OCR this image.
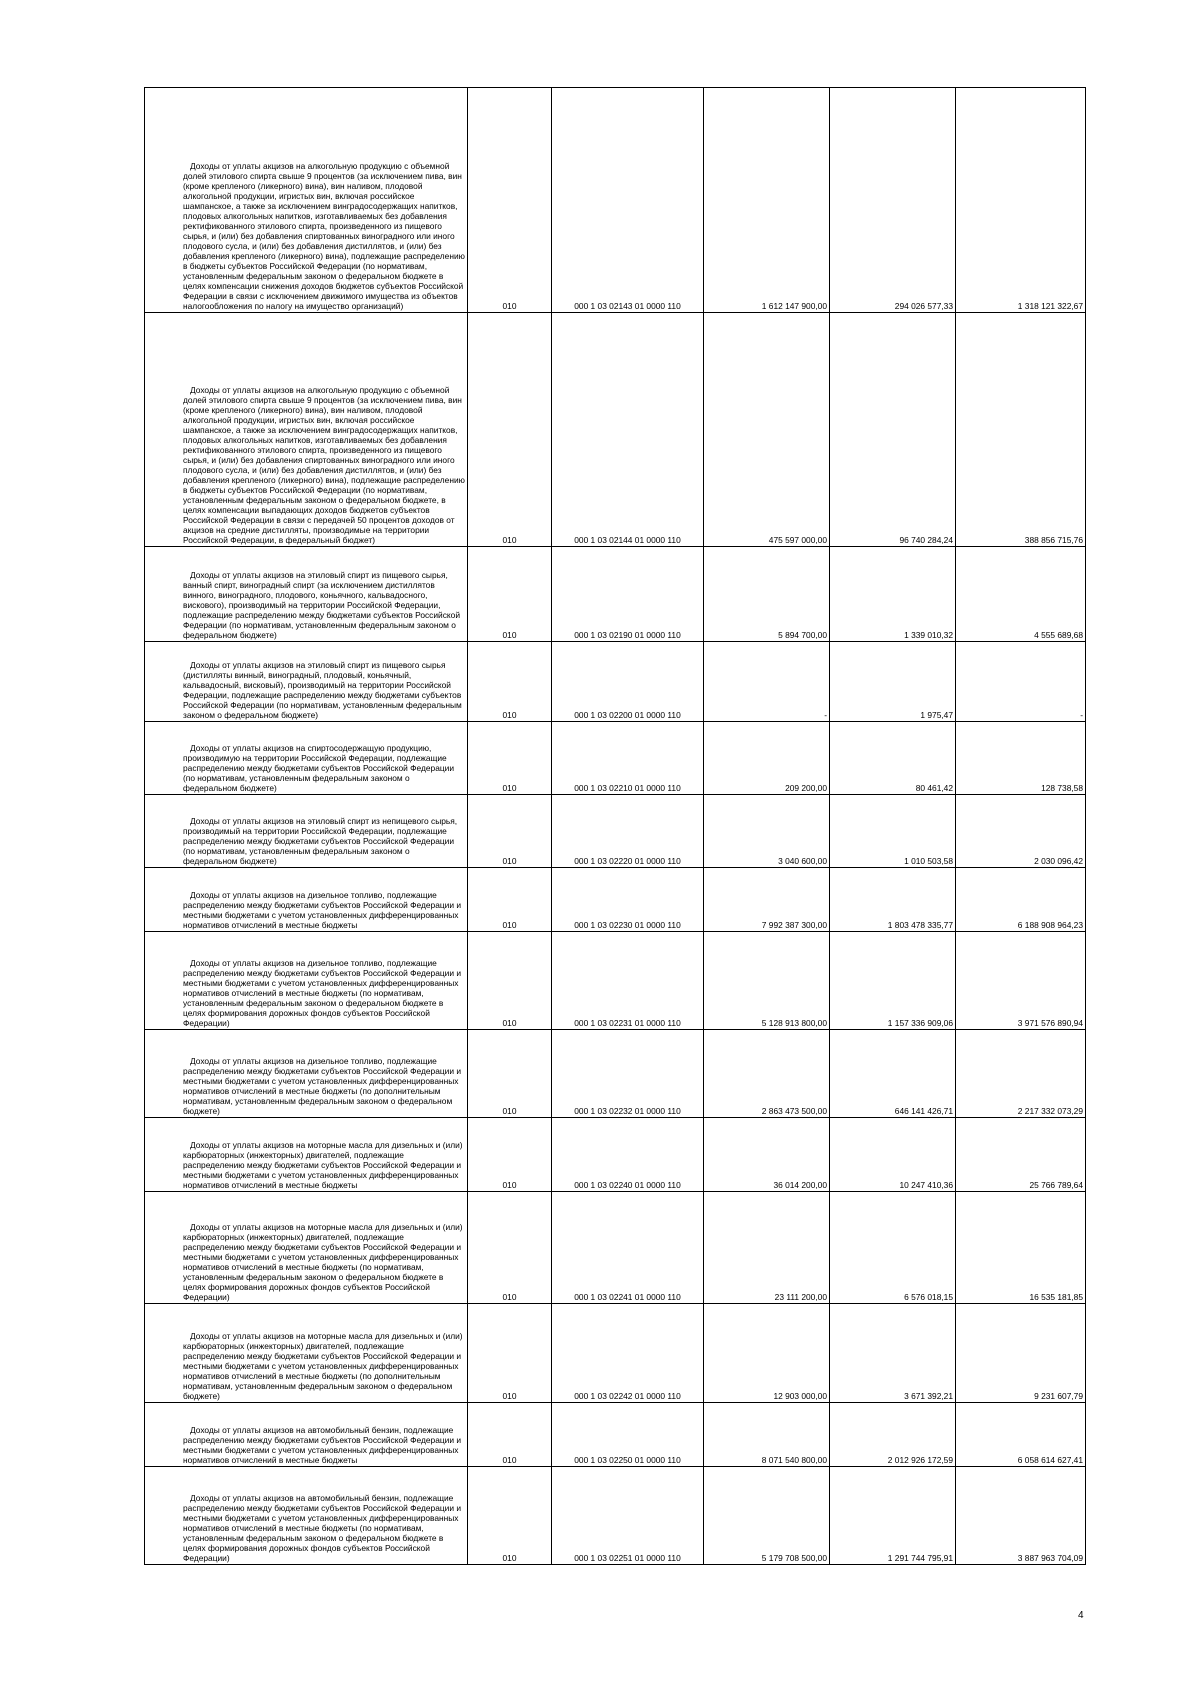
Доходы от уплаты акцизов на алкогольную продукцию с объемной долей этилового спирта свыше 9 процентов (за исключением пива, вин (кроме крепленого (ликерного) вина), вин наливом, плодовой алкогольной продукции, игристых вин, включая российское шампанское, а также за исключением винградосодержащих напитков, плодовых алкогольных напитков, изготавливаемых без добавления ректификованного этилового спирта, произведенного из пищевого сырья, и (или) без добавления спиртованных виноградного или иного плодового сусла, и (или) без добавления дистиллятов, и (или) без добавления крепленого (ликерного) вина), подлежащие распределению в бюджеты субъектов Российской Федерации (по нормативам, установленным федеральным законом о федеральном бюджете в целях компенсации снижения доходов бюджетов субъектов Российской Федерации в связи с исключением движимого имущества из объектов налогообложения по налогу на имущество организаций)	010	000 1 03 02143 01 0000 110	1 612 147 900,00	294 026 577,33	1 318 121 322,67
Доходы от уплаты акцизов на алкогольную продукцию с объемной долей этилового спирта свыше 9 процентов (за исключением пива, вин (кроме крепленого (ликерного) вина), вин наливом, плодовой алкогольной продукции, игристых вин, включая российское шампанское, а также за исключением винградосодержащих напитков, плодовых алкогольных напитков, изготавливаемых без добавления ректификованного этилового спирта, произведенного из пищевого сырья, и (или) без добавления спиртованных виноградного или иного плодового сусла, и (или) без добавления дистиллятов, и (или) без добавления крепленого (ликерного) вина), подлежащие распределению в бюджеты субъектов Российской Федерации (по нормативам, установленным федеральным законом о федеральном бюджете, в целях компенсации выпадающих доходов бюджетов субъектов Российской Федерации в связи с передачей 50 процентов доходов от акцизов на средние дистилляты, производимые на территории Российской Федерации, в федеральный бюджет)	010	000 1 03 02144 01 0000 110	475 597 000,00	96 740 284,24	388 856 715,76
Доходы от уплаты акцизов на этиловый спирт из пищевого сырья, ванный спирт, виноградный спирт (за исключением дистиллятов винного, виноградного, плодового, коньячного, кальвадосного, вискового), производимый на территории Российской Федерации, подлежащие распределению между бюджетами субъектов Российской Федерации (по нормативам, установленным федеральным законом о федеральном бюджете)	010	000 1 03 02190 01 0000 110	5 894 700,00	1 339 010,32	4 555 689,68
Доходы от уплаты акцизов на этиловый спирт из пищевого сырья (дистилляты винный, виноградный, плодовый, коньячный, кальвадосный, висковый), производимый на территории Российской Федерации, подлежащие распределению между бюджетами субъектов Российской Федерации (по нормативам, установленным федеральным законом о федеральном бюджете)	010	000 1 03 02200 01 0000 110	-	1 975,47	-
Доходы от уплаты акцизов на спиртосодержащую продукцию, производимую на территории Российской Федерации, подлежащие распределению между бюджетами субъектов Российской Федерации (по нормативам, установленным федеральным законом о федеральном бюджете)	010	000 1 03 02210 01 0000 110	209 200,00	80 461,42	128 738,58
Доходы от уплаты акцизов на этиловый спирт из непищевого сырья, производимый на территории Российской Федерации, подлежащие распределению между бюджетами субъектов Российской Федерации (по нормативам, установленным федеральным законом о федеральном бюджете)	010	000 1 03 02220 01 0000 110	3 040 600,00	1 010 503,58	2 030 096,42
Доходы от уплаты акцизов на дизельное топливо, подлежащие распределению между бюджетами субъектов Российской Федерации и местными бюджетами с учетом установленных дифференцированных нормативов отчислений в местные бюджеты	010	000 1 03 02230 01 0000 110	7 992 387 300,00	1 803 478 335,77	6 188 908 964,23
Доходы от уплаты акцизов на дизельное топливо, подлежащие распределению между бюджетами субъектов Российской Федерации и местными бюджетами с учетом установленных дифференцированных нормативов отчислений в местные бюджеты (по нормативам, установленным федеральным законом о федеральном бюджете в целях формирования дорожных фондов субъектов Российской Федерации)	010	000 1 03 02231 01 0000 110	5 128 913 800,00	1 157 336 909,06	3 971 576 890,94
Доходы от уплаты акцизов на дизельное топливо, подлежащие распределению между бюджетами субъектов Российской Федерации и местными бюджетами с учетом установленных дифференцированных нормативов отчислений в местные бюджеты (по дополнительным нормативам, установленным федеральным законом о федеральном бюджете)	010	000 1 03 02232 01 0000 110	2 863 473 500,00	646 141 426,71	2 217 332 073,29
Доходы от уплаты акцизов на моторные масла для дизельных и (или) карбюраторных (инжекторных) двигателей, подлежащие распределению между бюджетами субъектов Российской Федерации и местными бюджетами с учетом установленных дифференцированных нормативов отчислений в местные бюджеты	010	000 1 03 02240 01 0000 110	36 014 200,00	10 247 410,36	25 766 789,64
Доходы от уплаты акцизов на моторные масла для дизельных и (или) карбюраторных (инжекторных) двигателей, подлежащие распределению между бюджетами субъектов Российской Федерации и местными бюджетами с учетом установленных дифференцированных нормативов отчислений в местные бюджеты (по нормативам, установленным федеральным законом о федеральном бюджете в целях формирования дорожных фондов субъектов Российской Федерации)	010	000 1 03 02241 01 0000 110	23 111 200,00	6 576 018,15	16 535 181,85
Доходы от уплаты акцизов на моторные масла для дизельных и (или) карбюраторных (инжекторных) двигателей, подлежащие распределению между бюджетами субъектов Российской Федерации и местными бюджетами с учетом установленных дифференцированных нормативов отчислений в местные бюджеты (по дополнительным нормативам, установленным федеральным законом о федеральном бюджете)	010	000 1 03 02242 01 0000 110	12 903 000,00	3 671 392,21	9 231 607,79
Доходы от уплаты акцизов на автомобильный бензин, подлежащие распределению между бюджетами субъектов Российской Федерации и местными бюджетами с учетом установленных дифференцированных нормативов отчислений в местные бюджеты	010	000 1 03 02250 01 0000 110	8 071 540 800,00	2 012 926 172,59	6 058 614 627,41
Доходы от уплаты акцизов на автомобильный бензин, подлежащие распределению между бюджетами субъектов Российской Федерации и местными бюджетами с учетом установленных дифференцированных нормативов отчислений в местные бюджеты (по нормативам, установленным федеральным законом о федеральном бюджете в целях формирования дорожных фондов субъектов Российской Федерации)	010	000 1 03 02251 01 0000 110	5 179 708 500,00	1 291 744 795,91	3 887 963 704,09
4
